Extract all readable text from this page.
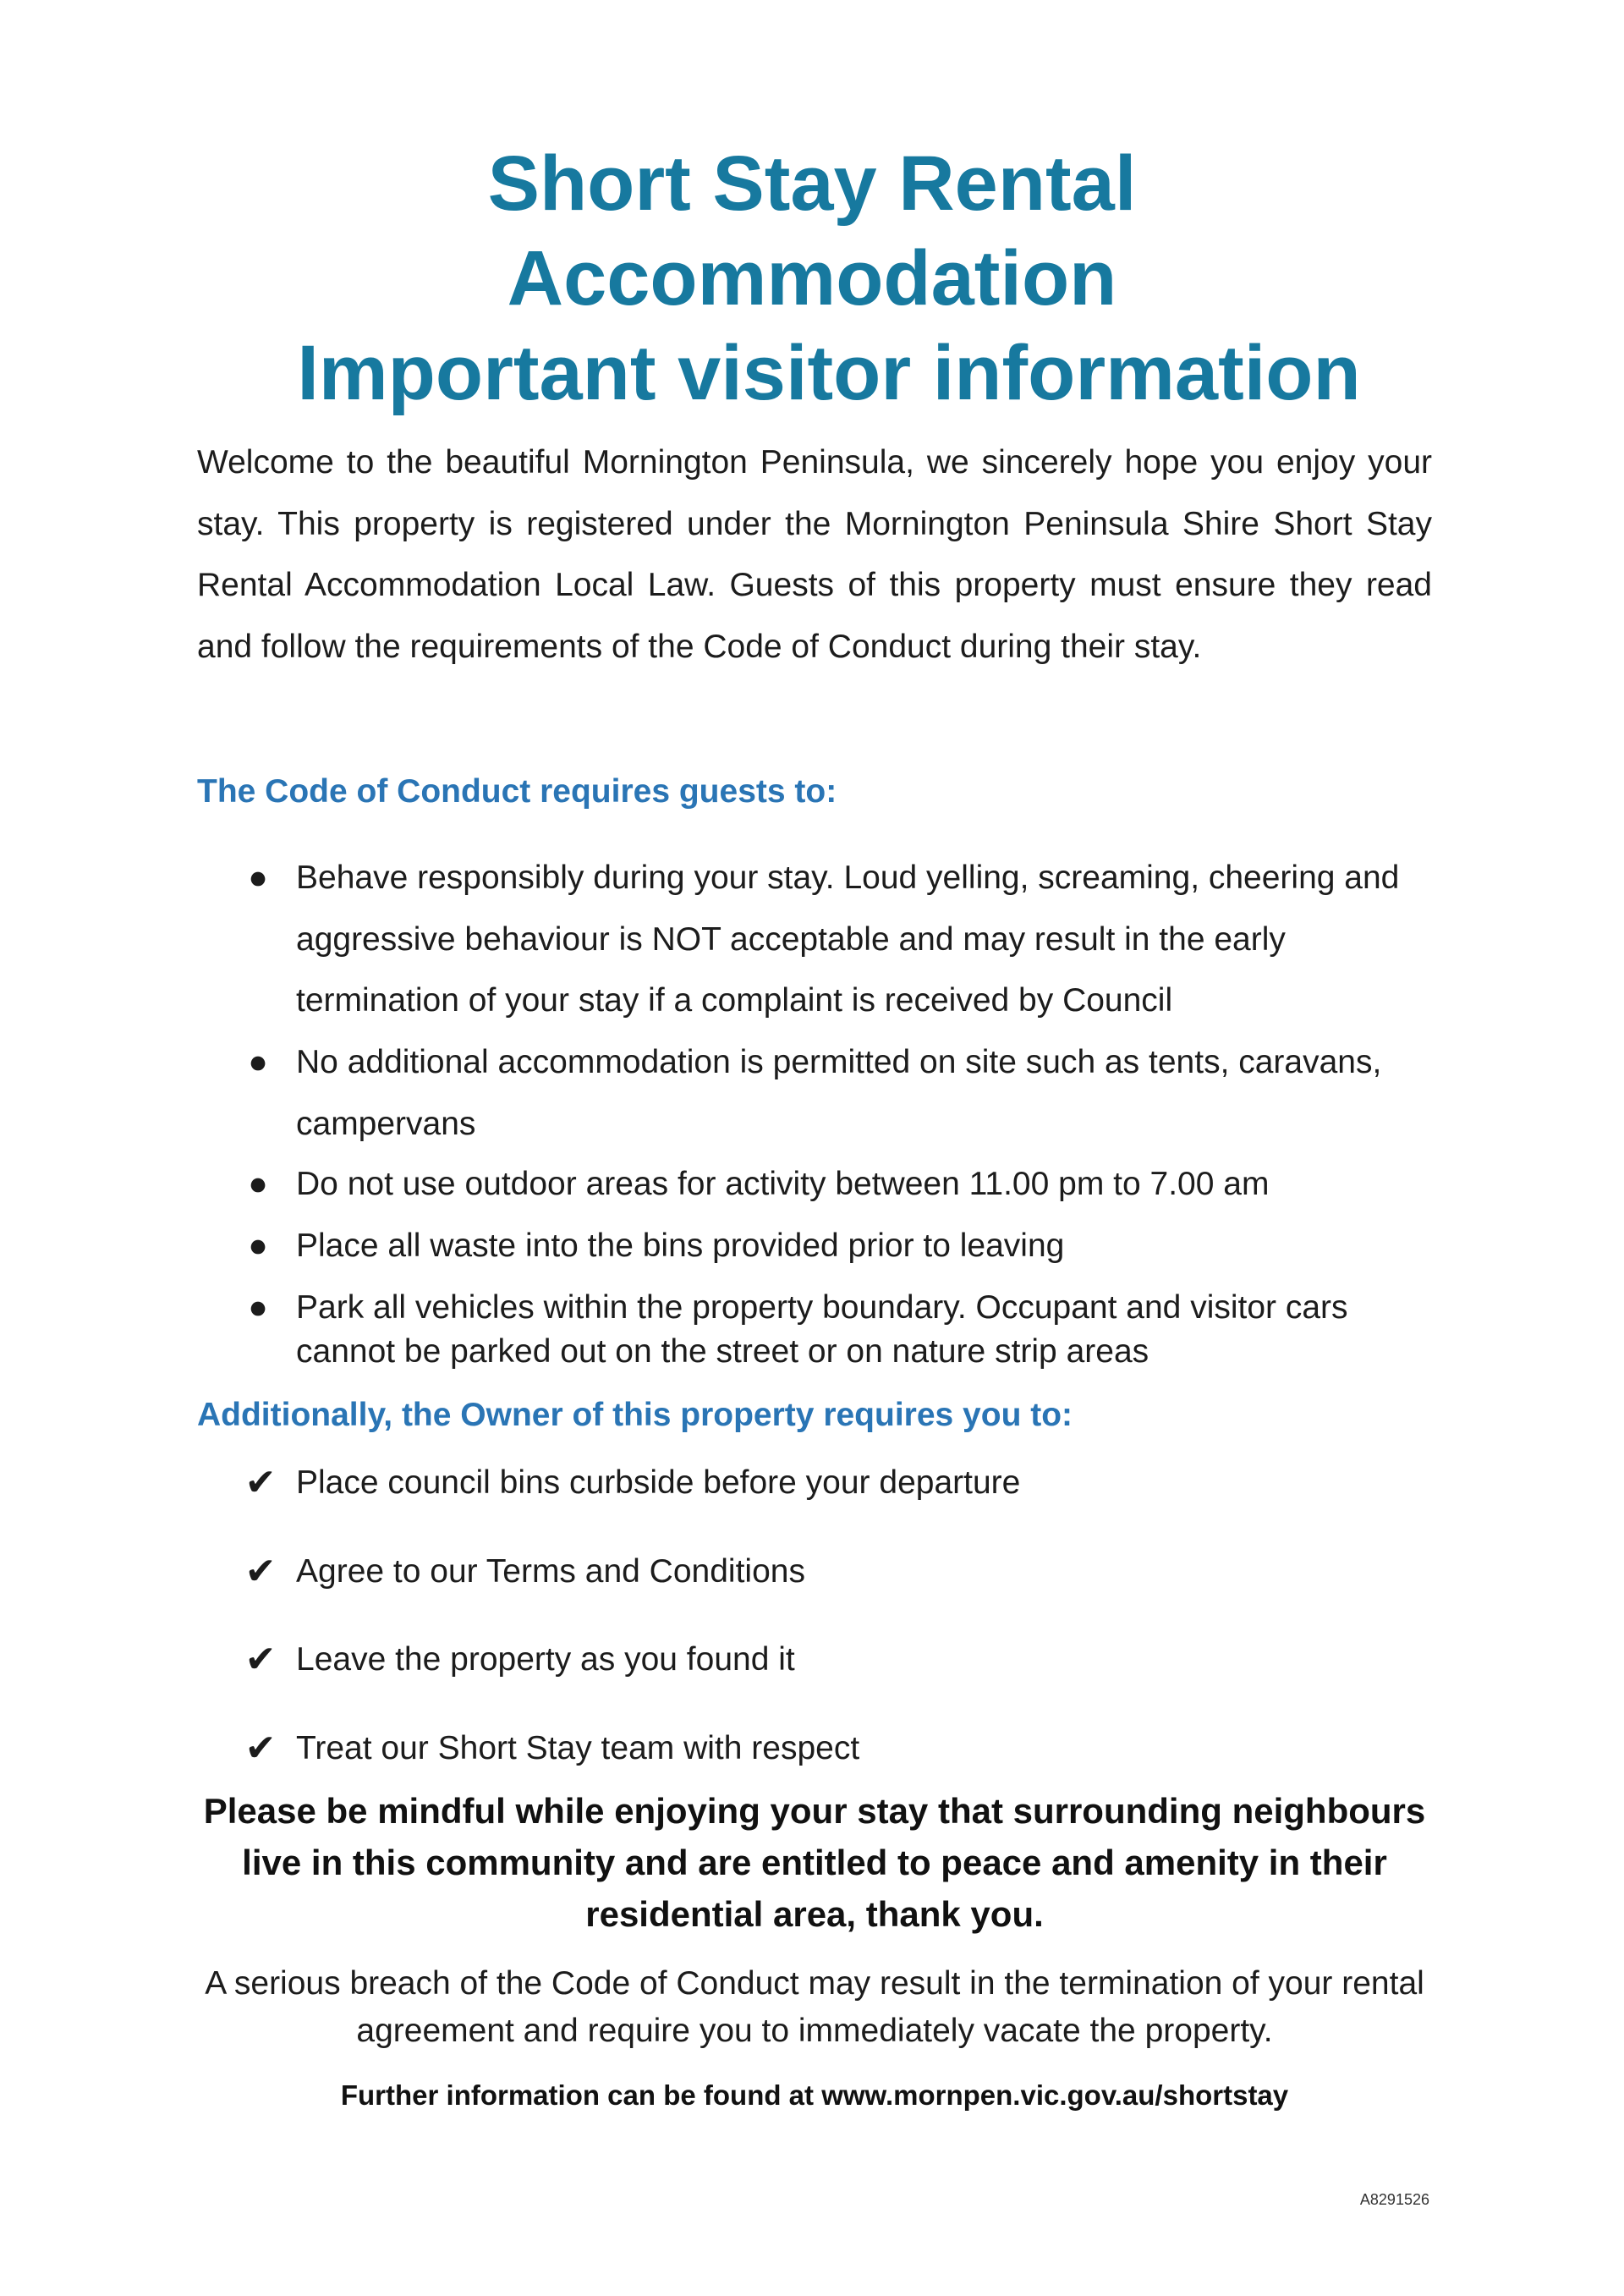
Short Stay Rental
Accommodation
Important visitor information

Welcome to the beautiful Mornington Peninsula, we sincerely hope you enjoy your stay. This property is registered under the Mornington Peninsula Shire Short Stay Rental Accommodation Local Law. Guests of this property must ensure they read and follow the requirements of the Code of Conduct during their stay.

The Code of Conduct requires guests to:
● Behave responsibly during your stay. Loud yelling, screaming, cheering and aggressive behaviour is NOT acceptable and may result in the early termination of your stay if a complaint is received by Council
● No additional accommodation is permitted on site such as tents, caravans, campervans
● Do not use outdoor areas for activity between 11.00 pm to 7.00 am
● Place all waste into the bins provided prior to leaving
● Park all vehicles within the property boundary. Occupant and visitor cars cannot be parked out on the street or on nature strip areas
Additionally, the Owner of this property requires you to:
✔ Place council bins curbside before your departure
✔ Agree to our Terms and Conditions
✔ Leave the property as you found it
✔ Treat our Short Stay team with respect

Please be mindful while enjoying your stay that surrounding neighbours live in this community and are entitled to peace and amenity in their residential area, thank you.

A serious breach of the Code of Conduct may result in the termination of your rental agreement and require you to immediately vacate the property.

Further information can be found at www.mornpen.vic.gov.au/shortstay

A8291526
